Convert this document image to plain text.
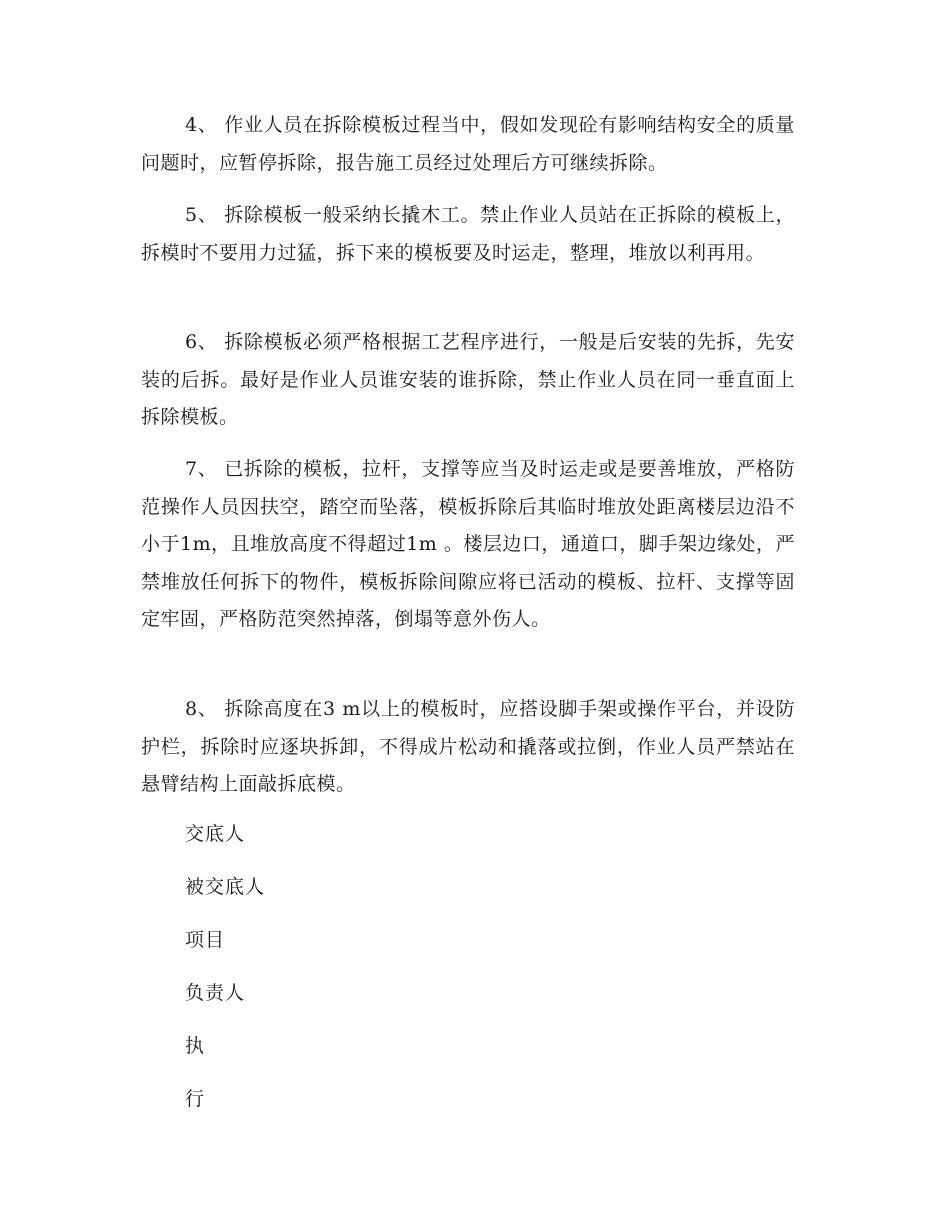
4、 作业人员在拆除模板过程当中，假如发现砼有影响结构安全的质量问题时，应暂停拆除，报告施工员经过处理后方可继续拆除。

5、 拆除模板一般采纳长撬木工。禁止作业人员站在正拆除的模板上，拆模时不要用力过猛，拆下来的模板要及时运走，整理，堆放以利再用。

6、 拆除模板必须严格根据工艺程序进行，一般是后安装的先拆，先安装的后拆。最好是作业人员谁安装的谁拆除，禁止作业人员在同一垂直面上拆除模板。

7、 已拆除的模板，拉杆，支撑等应当及时运走或是要善堆放，严格防范操作人员因扶空，踏空而坠落，模板拆除后其临时堆放处距离楼层边沿不小于1m，且堆放高度不得超过1m 。楼层边口，通道口，脚手架边缘处，严禁堆放任何拆下的物件，模板拆除间隙应将已活动的模板、拉杆、支撑等固定牢固，严格防范突然掉落，倒塌等意外伤人。

8、 拆除高度在3 m以上的模板时，应搭设脚手架或操作平台，并设防护栏，拆除时应逐块拆卸，不得成片松动和撬落或拉倒，作业人员严禁站在悬臂结构上面敲拆底模。

交底人
被交底人
项目
负责人
执
行
